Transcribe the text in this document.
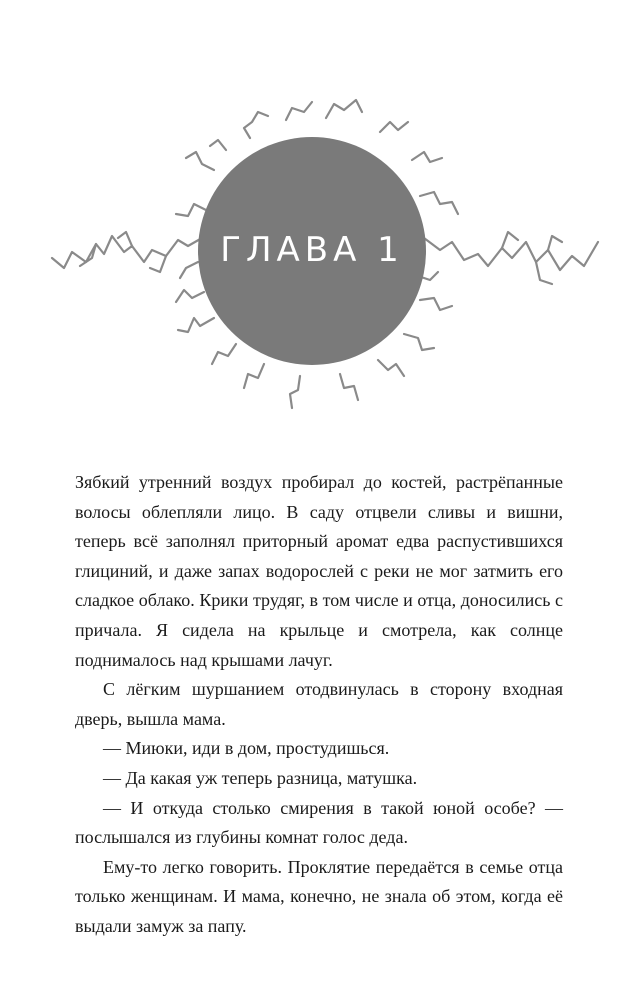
ГЛАВА 1

Зябкий утренний воздух пробирал до костей, растрёпанные волосы облепляли лицо. В саду отцвели сливы и вишни, теперь всё заполнял приторный аромат едва распустившихся глициний, и даже запах водорослей с реки не мог затмить его сладкое облако. Крики трудяг, в том числе и отца, доносились с причала. Я сидела на крыльце и смотрела, как солнце поднималось над крышами лачуг.

С лёгким шуршанием отодвинулась в сторону входная дверь, вышла мама.

— Миюки, иди в дом, простудишься.

— Да какая уж теперь разница, матушка.

— И откуда столько смирения в такой юной особе? — послышался из глубины комнат голос деда.

Ему-то легко говорить. Проклятие передаётся в семье отца только женщинам. И мама, конечно, не знала об этом, когда её выдали замуж за папу.
